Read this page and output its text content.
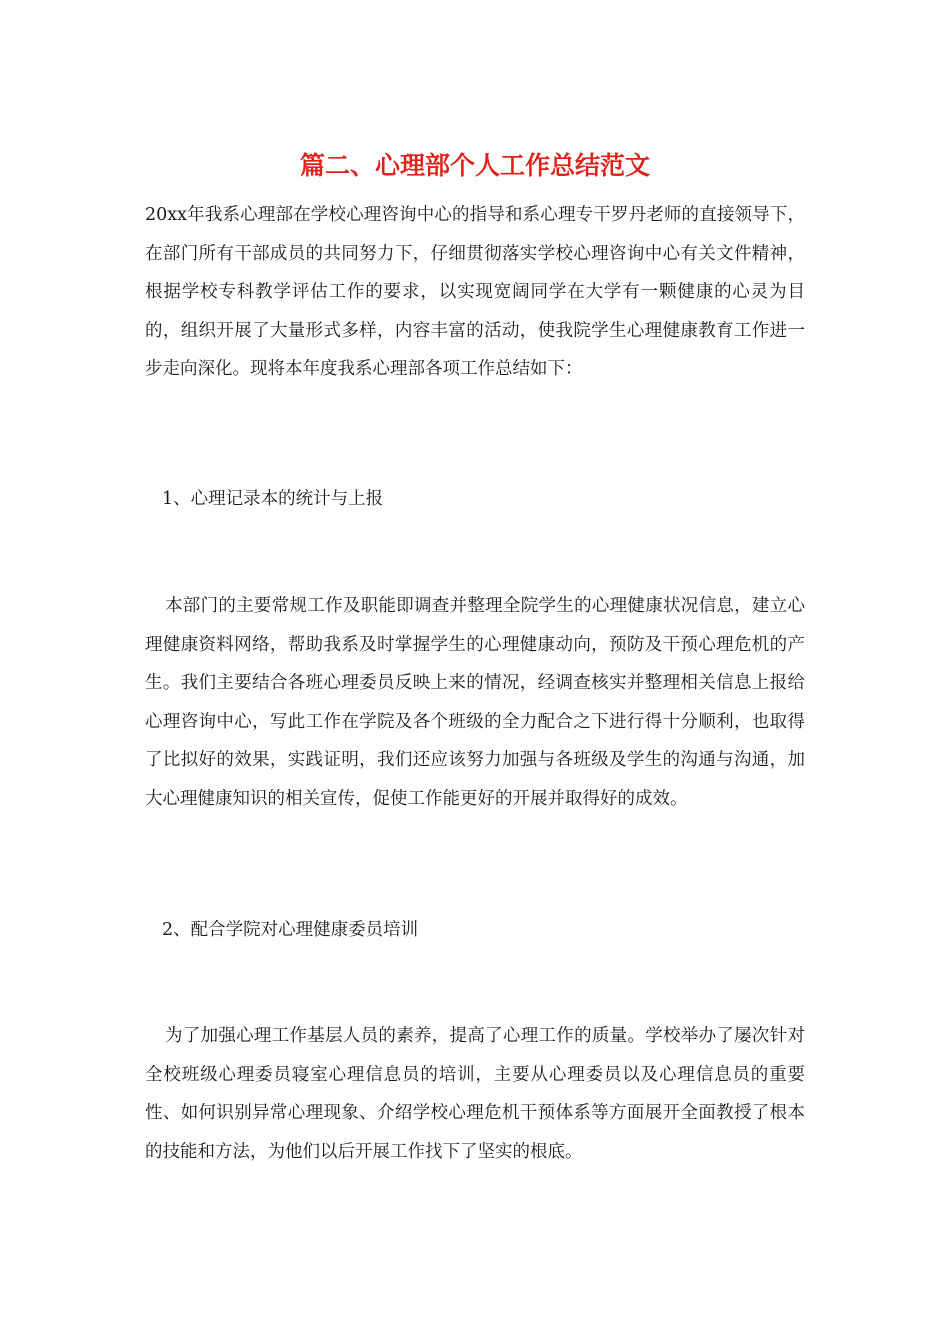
篇二、心理部个人工作总结范文

20xx年我系心理部在学校心理咨询中心的指导和系心理专干罗丹老师的直接领导下，在部门所有干部成员的共同努力下，仔细贯彻落实学校心理咨询中心有关文件精神，根据学校专科教学评估工作的要求，以实现宽阔同学在大学有一颗健康的心灵为目的，组织开展了大量形式多样，内容丰富的活动，使我院学生心理健康教育工作进一步走向深化。现将本年度我系心理部各项工作总结如下：

1、心理记录本的统计与上报

本部门的主要常规工作及职能即调查并整理全院学生的心理健康状况信息，建立心理健康资料网络，帮助我系及时掌握学生的心理健康动向，预防及干预心理危机的产生。我们主要结合各班心理委员反映上来的情况，经调查核实并整理相关信息上报给心理咨询中心，写此工作在学院及各个班级的全力配合之下进行得十分顺利，也取得了比拟好的效果，实践证明，我们还应该努力加强与各班级及学生的沟通与沟通，加大心理健康知识的相关宣传，促使工作能更好的开展并取得好的成效。

2、配合学院对心理健康委员培训

为了加强心理工作基层人员的素养，提高了心理工作的质量。学校举办了屡次针对全校班级心理委员寝室心理信息员的培训，主要从心理委员以及心理信息员的重要性、如何识别异常心理现象、介绍学校心理危机干预体系等方面展开全面教授了根本的技能和方法，为他们以后开展工作找下了坚实的根底。
